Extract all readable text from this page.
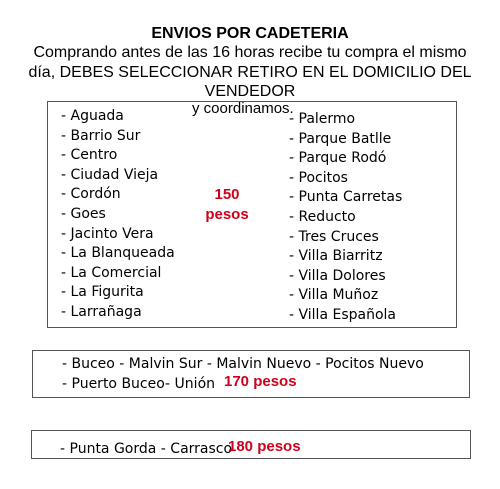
ENVIOS POR CADETERIA
Comprando antes de las 16 horas recibe tu compra el mismo
día, DEBES SELECCIONAR RETIRO EN EL DOMICILIO DEL
VENDEDOR
y coordinamos.
- Aguada
- Barrio Sur
- Centro
- Ciudad Vieja
- Cordón
- Goes
- Jacinto Vera
- La Blanqueada
- La Comercial
- La Figurita
- Larrañaga
- Palermo
- Parque Batlle
- Parque Rodó
- Pocitos
- Punta Carretas
- Reducto
- Tres Cruces
- Villa Biarritz
- Villa Dolores
- Villa Muñoz
- Villa Española
150
pesos
- Buceo - Malvin Sur - Malvin Nuevo - Pocitos Nuevo
- Puerto Buceo- Unión 170 pesos
- Punta Gorda - Carrasco
180 pesos
